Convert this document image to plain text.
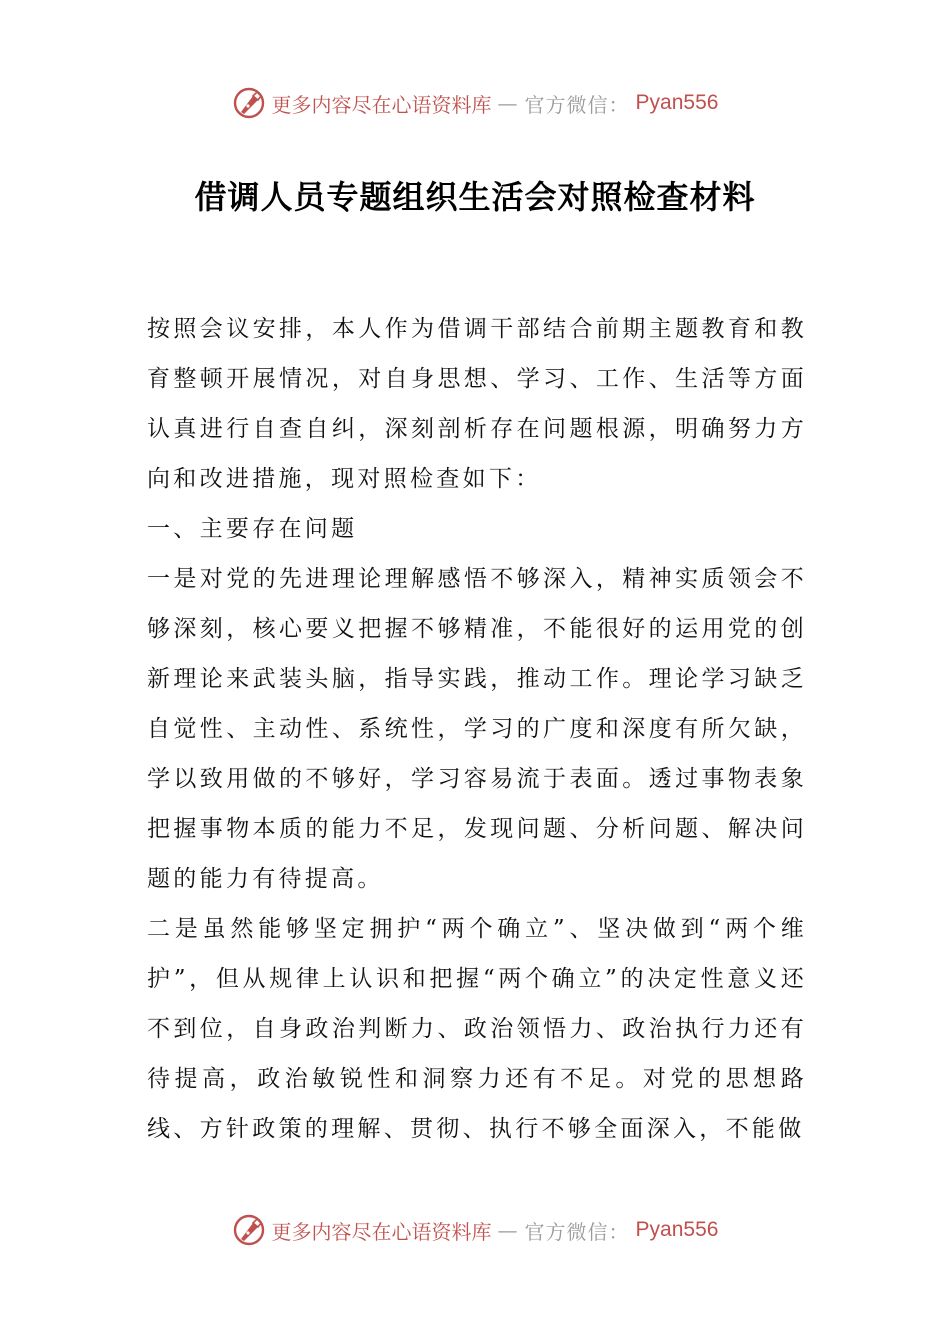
更多内容尽在心语资料库 — 官方微信： Pyan556
借调人员专题组织生活会对照检查材料

按照会议安排，本人作为借调干部结合前期主题教育和教育整顿开展情况，对自身思想、学习、工作、生活等方面认真进行自查自纠，深刻剖析存在问题根源，明确努力方向和改进措施，现对照检查如下：

一、主要存在问题

一是对党的先进理论理解感悟不够深入，精神实质领会不够深刻，核心要义把握不够精准，不能很好的运用党的创新理论来武装头脑，指导实践，推动工作。理论学习缺乏自觉性、主动性、系统性，学习的广度和深度有所欠缺，学以致用做的不够好，学习容易流于表面。透过事物表象把握事物本质的能力不足，发现问题、分析问题、解决问题的能力有待提高。

二是虽然能够坚定拥护“两个确立”、坚决做到“两个维护”，但从规律上认识和把握“两个确立”的决定性意义还不到位，自身政治判断力、政治领悟力、政治执行力还有待提高，政治敏锐性和洞察力还有不足。对党的思想路线、方针政策的理解、贯彻、执行不够全面深入，不能做

更多内容尽在心语资料库 — 官方微信： Pyan556
